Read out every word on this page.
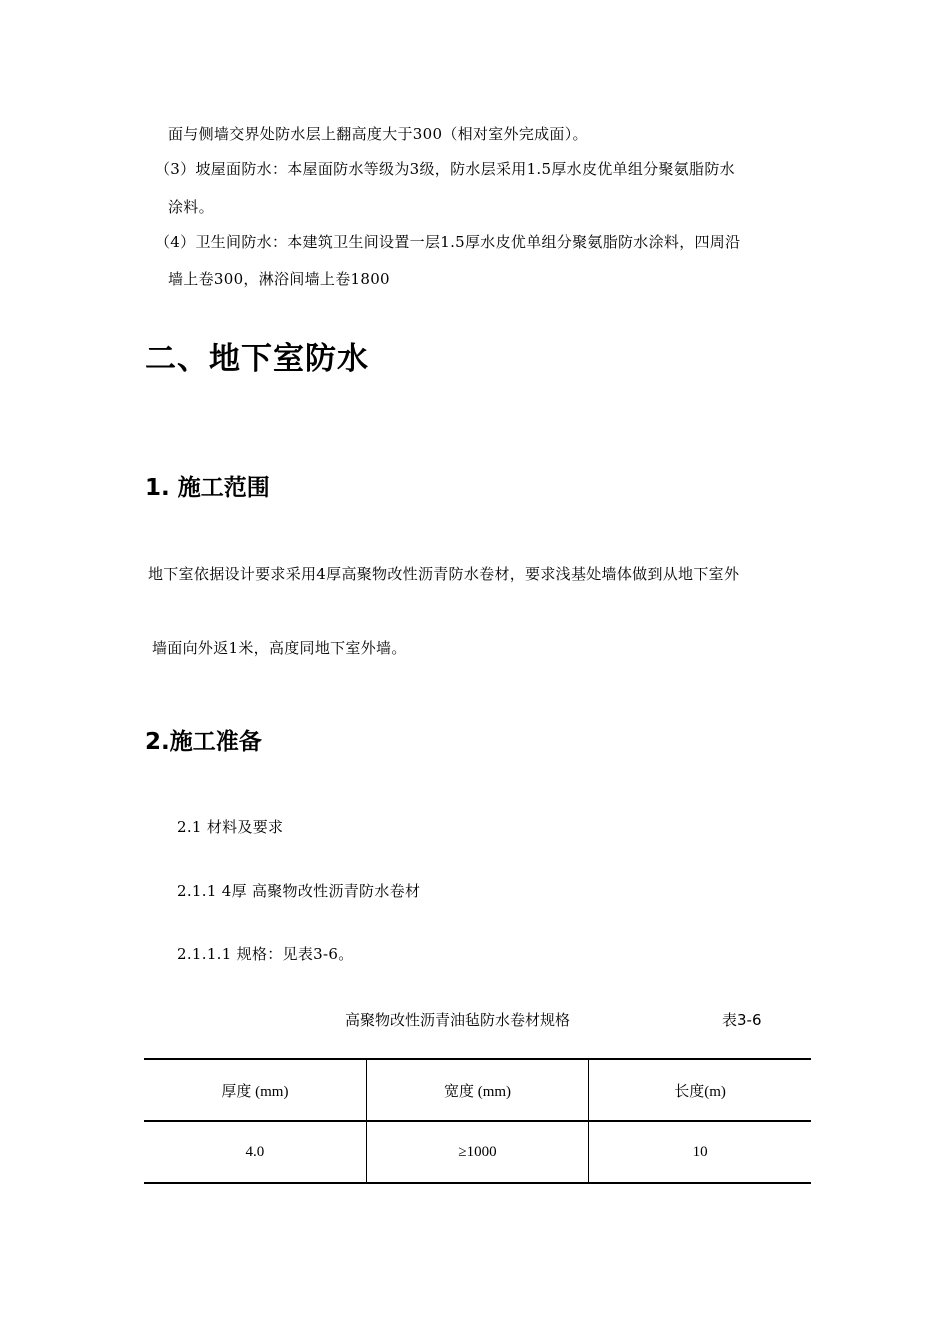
面与侧墙交界处防水层上翻高度大于300（相对室外完成面）。
（3）坡屋面防水：本屋面防水等级为3级，防水层采用1.5厚水皮优单组分聚氨脂防水
涂料。
（4）卫生间防水：本建筑卫生间设置一层1.5厚水皮优单组分聚氨脂防水涂料，四周沿
墙上卷300，淋浴间墙上卷1800
二、地下室防水
1. 施工范围
地下室依据设计要求采用4厚高聚物改性沥青防水卷材，要求浅基处墙体做到从地下室外
墙面向外返1米，高度同地下室外墙。
2.施工准备
2.1 材料及要求
2.1.1 4厚 高聚物改性沥青防水卷材
2.1.1.1 规格：见表3-6。
高聚物改性沥青油毡防水卷材规格	表3-6
厚度 (mm)	宽度 (mm)	长度(m)
4.0	≥1000	10
